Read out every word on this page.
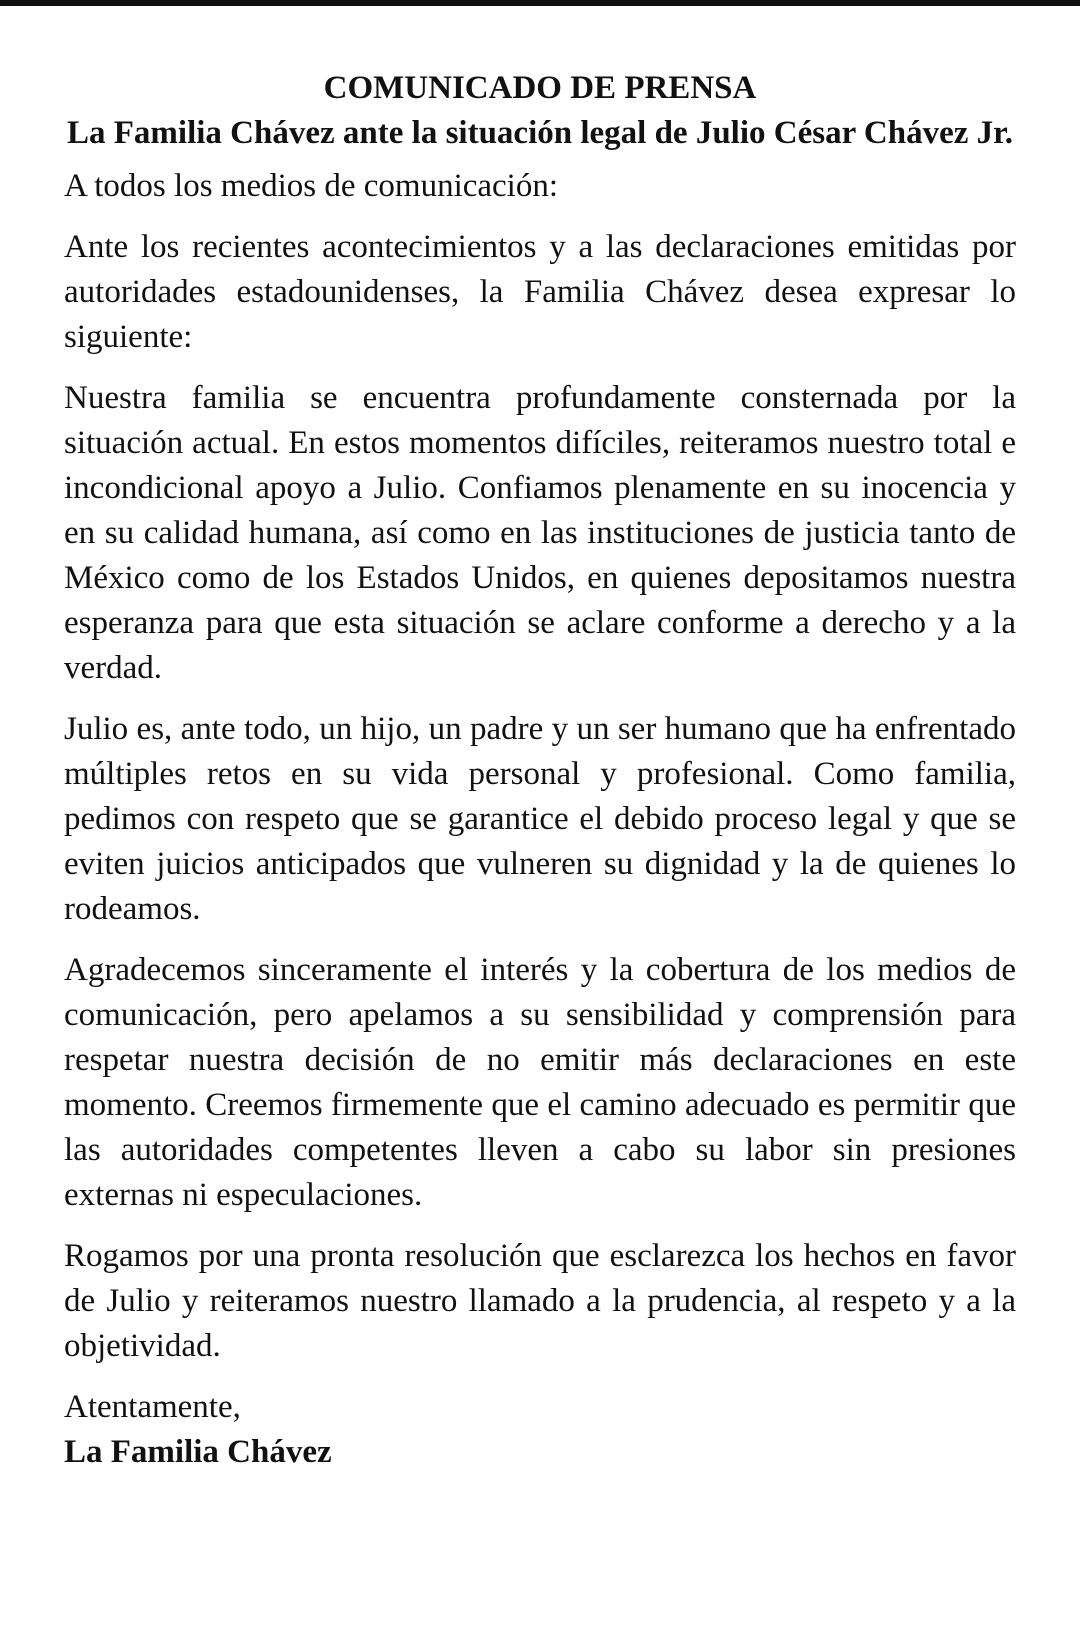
COMUNICADO DE PRENSA
La Familia Chávez ante la situación legal de Julio César Chávez Jr.
A todos los medios de comunicación:

Ante los recientes acontecimientos y a las declaraciones emitidas por autoridades estadounidenses, la Familia Chávez desea expresar lo siguiente:

Nuestra familia se encuentra profundamente consternada por la situación actual. En estos momentos difíciles, reiteramos nuestro total e incondicional apoyo a Julio. Confiamos plenamente en su inocencia y en su calidad humana, así como en las instituciones de justicia tanto de México como de los Estados Unidos, en quienes depositamos nuestra esperanza para que esta situación se aclare conforme a derecho y a la verdad.

Julio es, ante todo, un hijo, un padre y un ser humano que ha enfrentado múltiples retos en su vida personal y profesional. Como familia, pedimos con respeto que se garantice el debido proceso legal y que se eviten juicios anticipados que vulneren su dignidad y la de quienes lo rodeamos.

Agradecemos sinceramente el interés y la cobertura de los medios de comunicación, pero apelamos a su sensibilidad y comprensión para respetar nuestra decisión de no emitir más declaraciones en este momento. Creemos firmemente que el camino adecuado es permitir que las autoridades competentes lleven a cabo su labor sin presiones externas ni especulaciones.

Rogamos por una pronta resolución que esclarezca los hechos en favor de Julio y reiteramos nuestro llamado a la prudencia, al respeto y a la objetividad.

Atentamente,
La Familia Chávez
